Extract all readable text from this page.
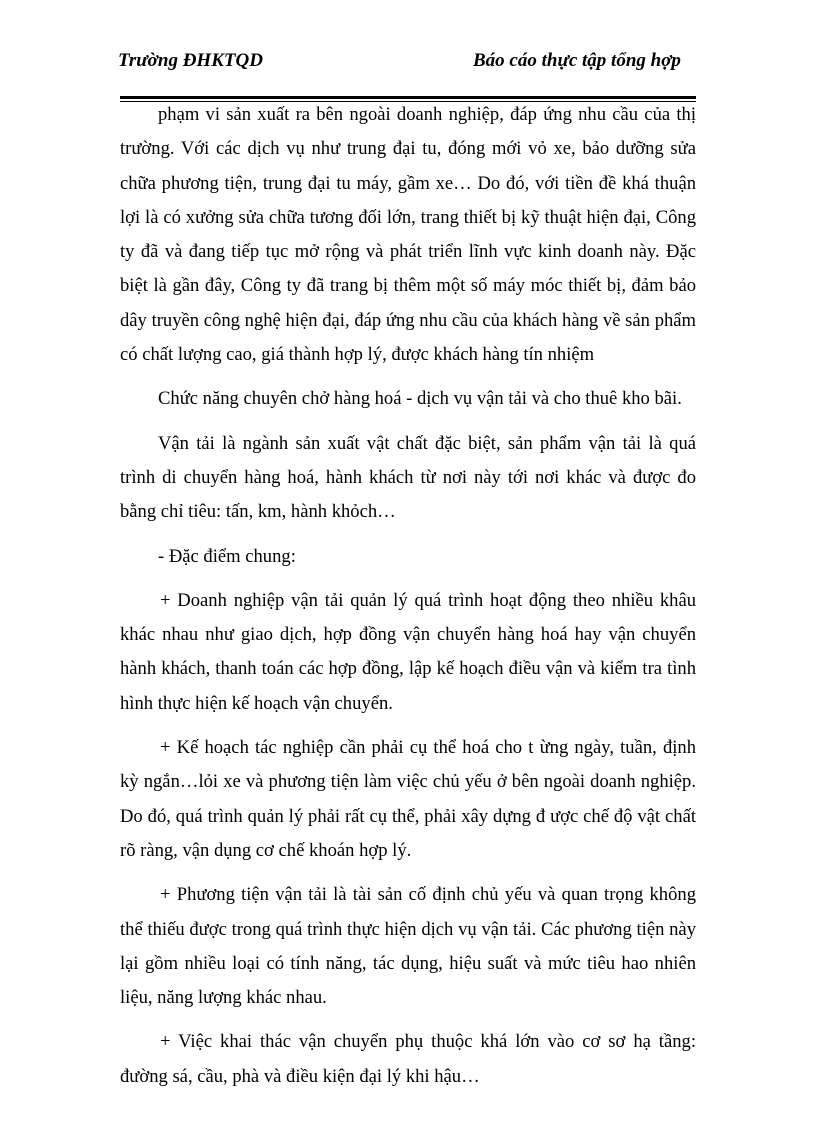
Trường ĐHKTQD	Báo cáo thực tập tổng hợp

phạm vi sản xuất ra bên ngoài doanh nghiệp, đáp ứng nhu cầu của thị trường. Với các dịch vụ như trung đại tu, đóng mới vỏ xe, bảo dưỡng sửa chữa phương tiện, trung đại tu máy, gầm xe… Do đó, với tiền đề khá thuận lợi là có xưởng sửa chữa tương đối lớn, trang thiết bị kỹ thuật hiện đại, Công ty đã và đang tiếp tục mở rộng và phát triển lĩnh vực kinh doanh này. Đặc biệt là gần đây, Công ty đã trang bị thêm một số máy móc thiết bị, đảm bảo dây truyền công nghệ hiện đại, đáp ứng nhu cầu của khách hàng về sản phẩm có chất lượng cao, giá thành hợp lý, được khách hàng tín nhiệm

Chức năng chuyên chở hàng hoá - dịch vụ vận tải và cho thuê kho bãi.

Vận tải là ngành sản xuất vật chất đặc biệt, sản phẩm vận tải là quá trình di chuyển hàng hoá, hành khách từ nơi này tới nơi khác và được đo bằng chỉ tiêu: tấn, km, hành khỏch…

- Đặc điểm chung:

+ Doanh nghiệp vận tải quản lý quá trình hoạt động theo nhiều khâu khác nhau như giao dịch, hợp đồng vận chuyển hàng hoá hay vận chuyển hành khách, thanh toán các hợp đồng, lập kế hoạch điều vận và kiểm tra tình hình thực hiện kế hoạch vận chuyển.

+ Kế hoạch tác nghiệp cần phải cụ thể hoá cho t ừng ngày, tuần, định kỳ ngắn…lỏi xe và phương tiện làm việc chủ yếu ở bên ngoài doanh nghiệp. Do đó, quá trình quản lý phải rất cụ thể, phải xây dựng đ ược chế độ vật chất rõ ràng, vận dụng cơ chế khoán hợp lý.

+ Phương tiện vận tải là tài sản cố định chủ yếu và quan trọng không thể thiếu được trong quá trình thực hiện dịch vụ vận tải. Các phương tiện này lại gồm nhiều loại có tính năng, tác dụng, hiệu suất và mức tiêu hao nhiên liệu, năng lượng khác nhau.

+ Việc khai thác vận chuyển phụ thuộc khá lớn vào cơ sơ hạ tầng: đường sá, cầu, phà và điều kiện đại lý khi hậu…
